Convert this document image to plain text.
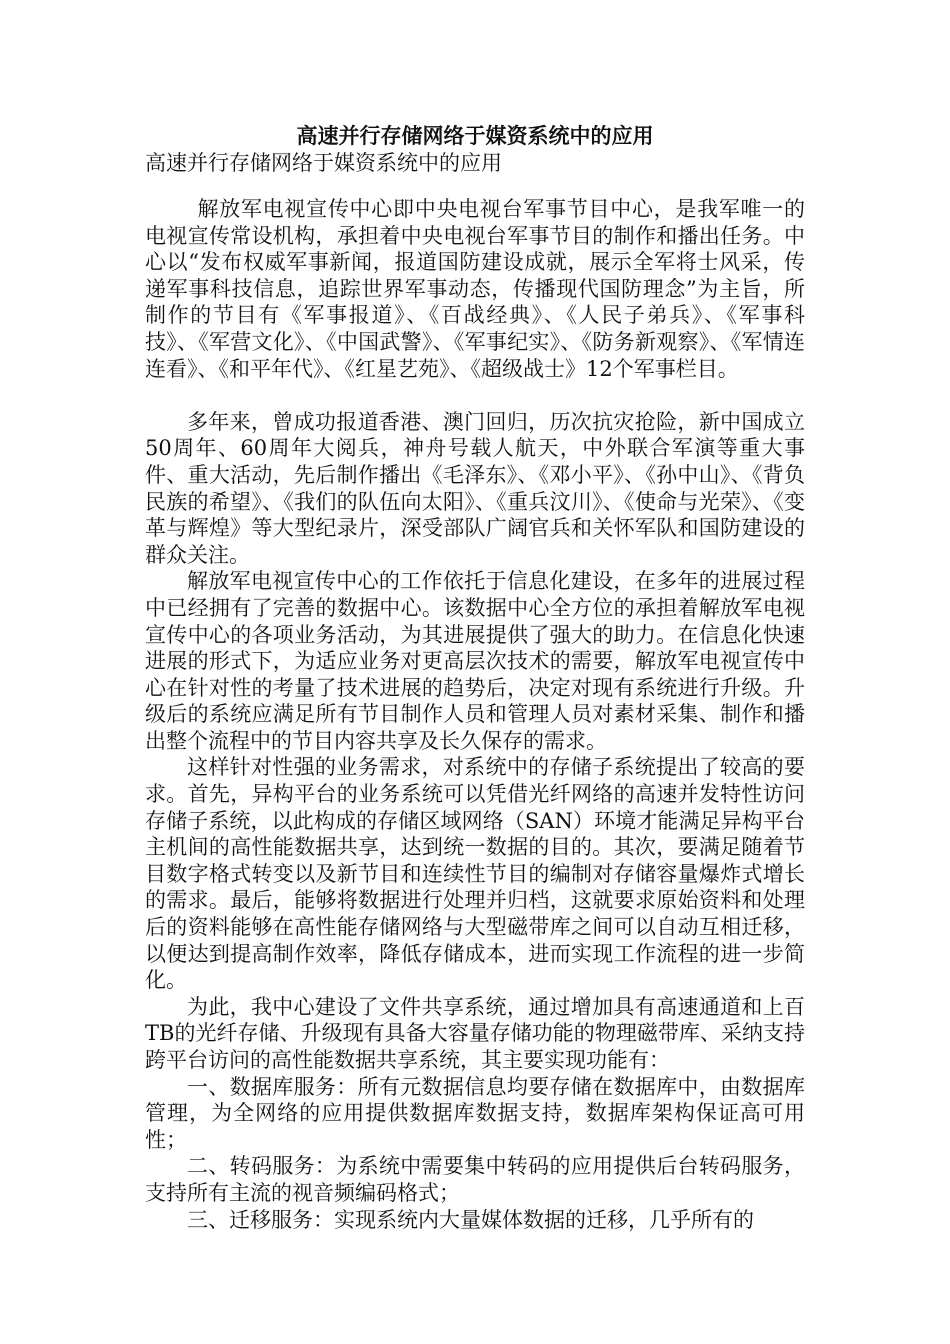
高速并行存储网络于媒资系统中的应用
高速并行存储网络于媒资系统中的应用

解放军电视宣传中心即中央电视台军事节目中心，是我军唯一的电视宣传常设机构，承担着中央电视台军事节目的制作和播出任务。中心以“发布权威军事新闻，报道国防建设成就，展示全军将士风采，传递军事科技信息，追踪世界军事动态，传播现代国防理念”为主旨，所制作的节目有《军事报道》、《百战经典》、《人民子弟兵》、《军事科技》、《军营文化》、《中国武警》、《军事纪实》、《防务新观察》、《军情连连看》、《和平年代》、《红星艺苑》、《超级战士》12个军事栏目。

多年来，曾成功报道香港、澳门回归，历次抗灾抢险，新中国成立50周年、60周年大阅兵，神舟号载人航天，中外联合军演等重大事件、重大活动，先后制作播出《毛泽东》、《邓小平》、《孙中山》、《背负民族的希望》、《我们的队伍向太阳》、《重兵汶川》、《使命与光荣》、《变革与辉煌》等大型纪录片，深受部队广阔官兵和关怀军队和国防建设的群众关注。

解放军电视宣传中心的工作依托于信息化建设，在多年的进展过程中已经拥有了完善的数据中心。该数据中心全方位的承担着解放军电视宣传中心的各项业务活动，为其进展提供了强大的助力。在信息化快速进展的形式下，为适应业务对更高层次技术的需要，解放军电视宣传中心在针对性的考量了技术进展的趋势后，决定对现有系统进行升级。升级后的系统应满足所有节目制作人员和管理人员对素材采集、制作和播出整个流程中的节目内容共享及长久保存的需求。

这样针对性强的业务需求，对系统中的存储子系统提出了较高的要求。首先，异构平台的业务系统可以凭借光纤网络的高速并发特性访问存储子系统，以此构成的存储区域网络（SAN）环境才能满足异构平台主机间的高性能数据共享，达到统一数据的目的。其次，要满足随着节目数字格式转变以及新节目和连续性节目的编制对存储容量爆炸式增长的需求。最后，能够将数据进行处理并归档，这就要求原始资料和处理后的资料能够在高性能存储网络与大型磁带库之间可以自动互相迁移，以便达到提高制作效率，降低存储成本，进而实现工作流程的进一步简化。

为此，我中心建设了文件共享系统，通过增加具有高速通道和上百TB的光纤存储、升级现有具备大容量存储功能的物理磁带库、采纳支持跨平台访问的高性能数据共享系统，其主要实现功能有：

一、数据库服务：所有元数据信息均要存储在数据库中，由数据库管理，为全网络的应用提供数据库数据支持，数据库架构保证高可用性；

二、转码服务：为系统中需要集中转码的应用提供后台转码服务，支持所有主流的视音频编码格式；

三、迁移服务：实现系统内大量媒体数据的迁移，几乎所有的
